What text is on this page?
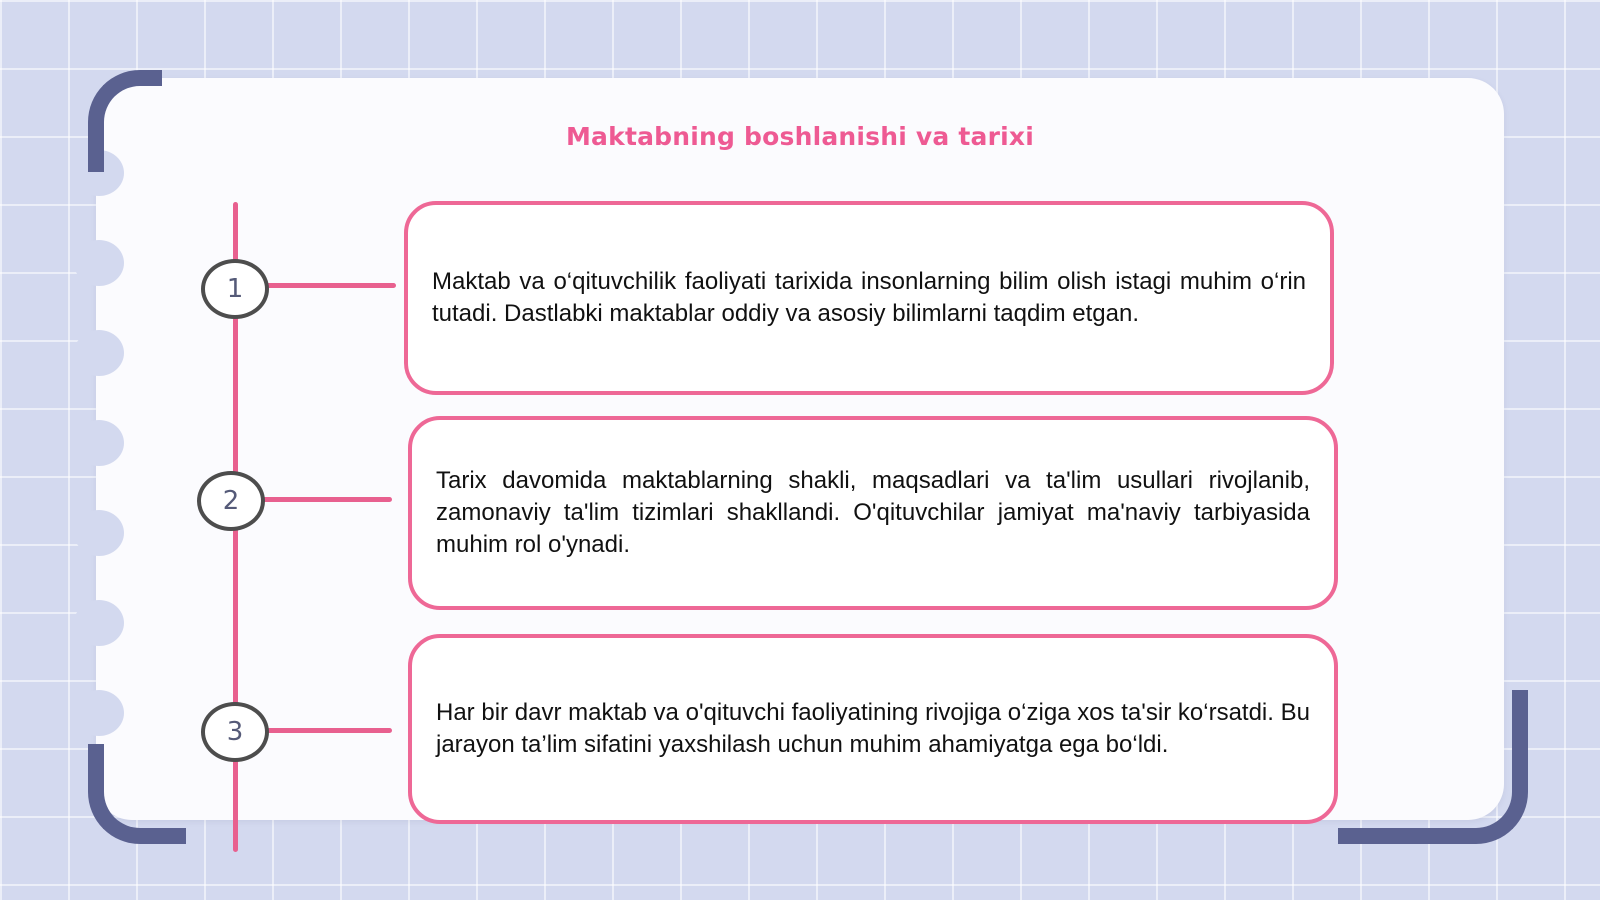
Maktabning boshlanishi va tarixi
1
2
3
Maktab va o‘qituvchilik faoliyati tarixida insonlarning bilim olish istagi muhim o‘rin tutadi. Dastlabki maktablar oddiy va asosiy bilimlarni taqdim etgan.
Tarix davomida maktablarning shakli, maqsadlari va ta'lim usullari rivojlanib, zamonaviy ta'lim tizimlari shakllandi. O'qituvchilar jamiyat ma'naviy tarbiyasida muhim rol o'ynadi.
Har bir davr maktab va o'qituvchi faoliyatining rivojiga o‘ziga xos ta'sir ko‘rsatdi. Bu jarayon ta’lim sifatini yaxshilash uchun muhim ahamiyatga ega bo‘ldi.
